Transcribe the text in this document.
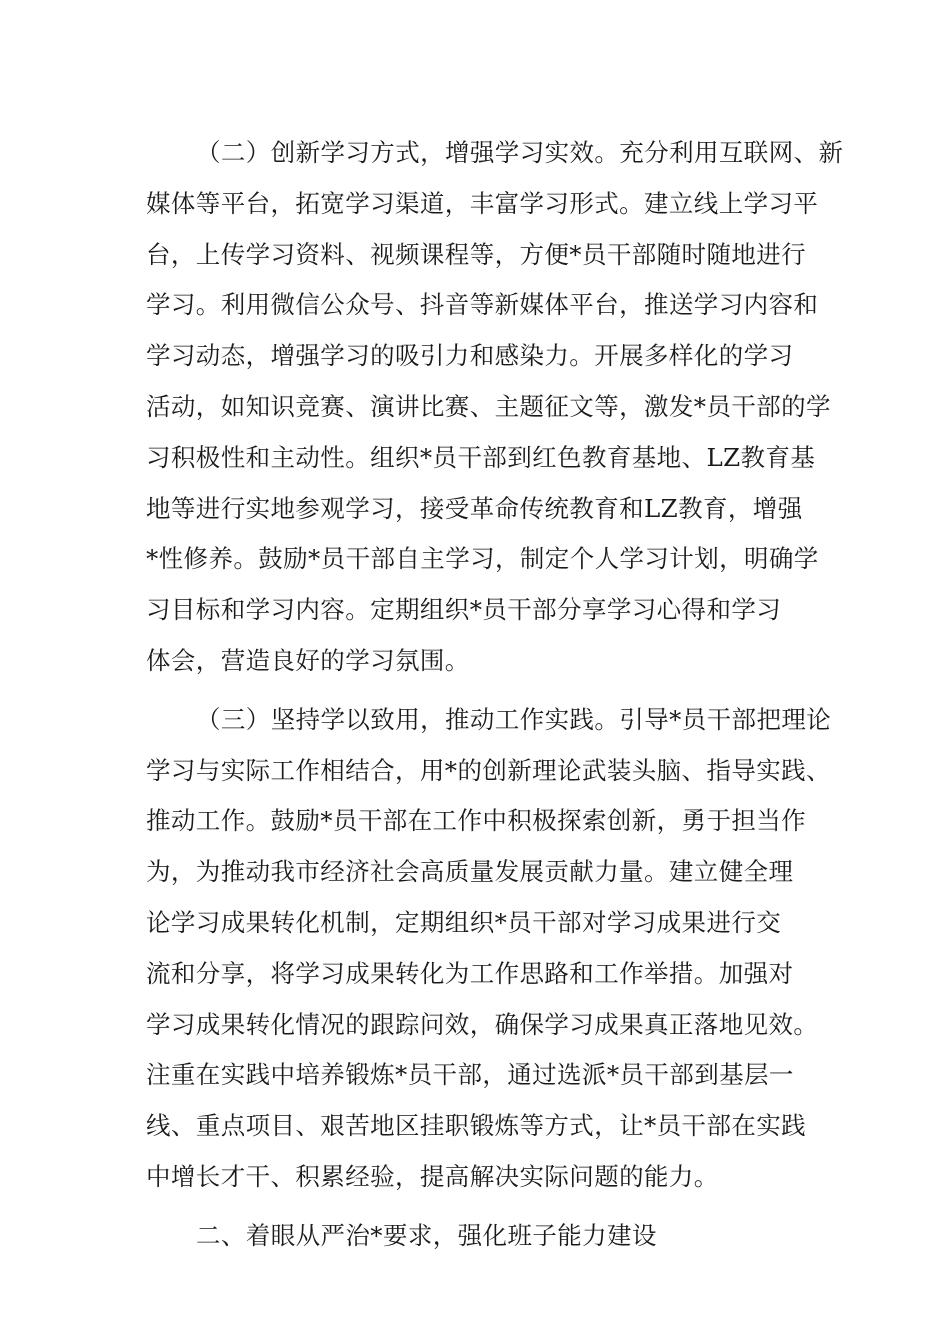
（二）创新学习方式，增强学习实效。充分利用互联网、新
媒体等平台，拓宽学习渠道，丰富学习形式。建立线上学习平
台，上传学习资料、视频课程等，方便*员干部随时随地进行
学习。利用微信公众号、抖音等新媒体平台，推送学习内容和
学习动态，增强学习的吸引力和感染力。开展多样化的学习
活动，如知识竞赛、演讲比赛、主题征文等，激发*员干部的学
习积极性和主动性。组织*员干部到红色教育基地、LZ教育基
地等进行实地参观学习，接受革命传统教育和LZ教育，增强
*性修养。鼓励*员干部自主学习，制定个人学习计划，明确学
习目标和学习内容。定期组织*员干部分享学习心得和学习
体会，营造良好的学习氛围。
（三）坚持学以致用，推动工作实践。引导*员干部把理论
学习与实际工作相结合，用*的创新理论武装头脑、指导实践、
推动工作。鼓励*员干部在工作中积极探索创新，勇于担当作
为，为推动我市经济社会高质量发展贡献力量。建立健全理
论学习成果转化机制，定期组织*员干部对学习成果进行交
流和分享，将学习成果转化为工作思路和工作举措。加强对
学习成果转化情况的跟踪问效，确保学习成果真正落地见效。
注重在实践中培养锻炼*员干部，通过选派*员干部到基层一
线、重点项目、艰苦地区挂职锻炼等方式，让*员干部在实践
中增长才干、积累经验，提高解决实际问题的能力。
二、着眼从严治*要求，强化班子能力建设
